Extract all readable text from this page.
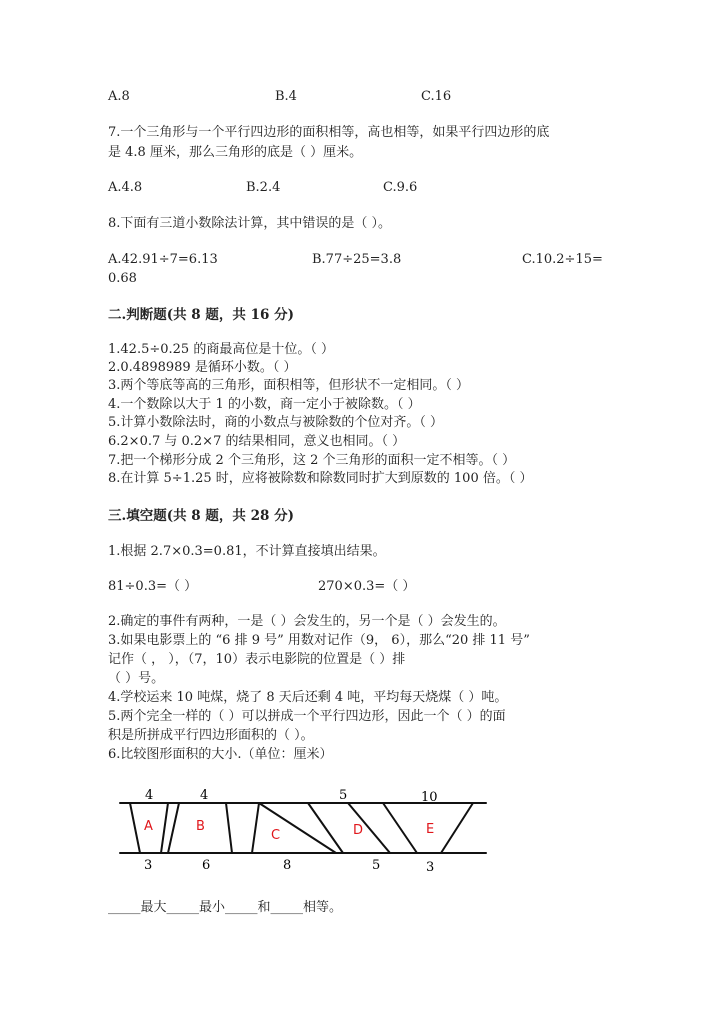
A.8	B.4	C.16
7.一个三角形与一个平行四边形的面积相等，高也相等，如果平行四边形的底
是 4.8 厘米，那么三角形的底是（ ）厘米。
A.4.8	B.2.4	C.9.6
8.下面有三道小数除法计算，其中错误的是（ ）。
A.42.91÷7=6.13	B.77÷25=3.8	C.10.2÷15=
0.68
二.判断题(共 8 题，共 16 分)
1.42.5÷0.25 的商最高位是十位。（ ）
2.0.4898989 是循环小数。（ ）
3.两个等底等高的三角形，面积相等，但形状不一定相同。（ ）
4.一个数除以大于 1 的小数，商一定小于被除数。（ ）
5.计算小数除法时，商的小数点与被除数的个位对齐。（ ）
6.2×0.7 与 0.2×7 的结果相同，意义也相同。（ ）
7.把一个梯形分成 2 个三角形，这 2 个三角形的面积一定不相等。（ ）
8.在计算 5÷1.25 时，应将被除数和除数同时扩大到原数的 100 倍。（ ）
三.填空题(共 8 题，共 28 分)
1.根据 2.7×0.3=0.81，不计算直接填出结果。
81÷0.3=（ ）	270×0.3=（ ）
2.确定的事件有两种，一是（ ）会发生的，另一个是（ ）会发生的。
3.如果电影票上的 “6 排 9 号” 用数对记作（9， 6），那么“20 排 11 号”
记作（ ， ），（7，10）表示电影院的位置是（ ）排
（ ）号。
4.学校运来 10 吨煤，烧了 8 天后还剩 4 吨，平均每天烧煤（ ）吨。
5.两个完全一样的（ ）可以拼成一个平行四边形，因此一个（ ）的面
积是所拼成平行四边形面积的（ ）。
6.比较图形面积的大小.（单位：厘米）
4	4	5	10
3	6	8	5	3
A	B
C	D	E
_____最大_____最小_____和_____相等。
